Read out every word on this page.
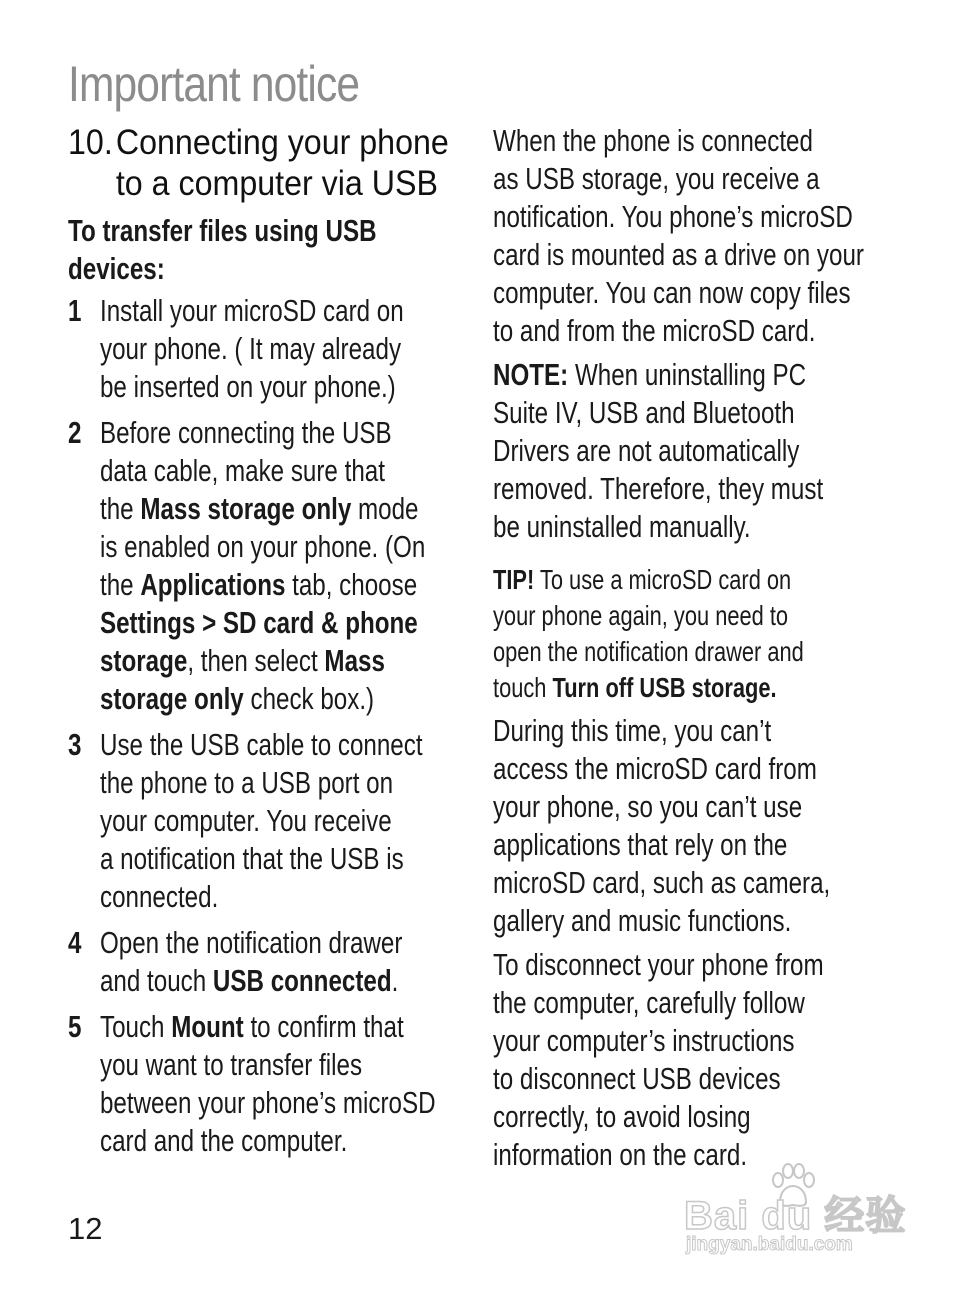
Important notice
10. Connecting your phone
to a computer via USB
To transfer files using USB
devices:
1 Install your microSD card on
your phone. ( It may already
be inserted on your phone.)
2 Before connecting the USB
data cable, make sure that
the Mass storage only mode
is enabled on your phone. (On
the Applications tab, choose
Settings > SD card & phone
storage, then select Mass
storage only check box.)
3 Use the USB cable to connect
the phone to a USB port on
your computer. You receive
a notification that the USB is
connected.
4 Open the notification drawer
and touch USB connected.
5 Touch Mount to confirm that
you want to transfer files
between your phone’s microSD
card and the computer.
When the phone is connected
as USB storage, you receive a
notification. You phone’s microSD
card is mounted as a drive on your
computer. You can now copy files
to and from the microSD card.
NOTE: When uninstalling PC
Suite IV, USB and Bluetooth
Drivers are not automatically
removed. Therefore, they must
be uninstalled manually.
TIP! To use a microSD card on
your phone again, you need to
open the notification drawer and
touch Turn off USB storage.
During this time, you can’t
access the microSD card from
your phone, so you can’t use
applications that rely on the
microSD card, such as camera,
gallery and music functions.
To disconnect your phone from
the computer, carefully follow
your computer’s instructions
to disconnect USB devices
correctly, to avoid losing
information on the card.
12	Bai du 经验
jingyan.baidu.com
